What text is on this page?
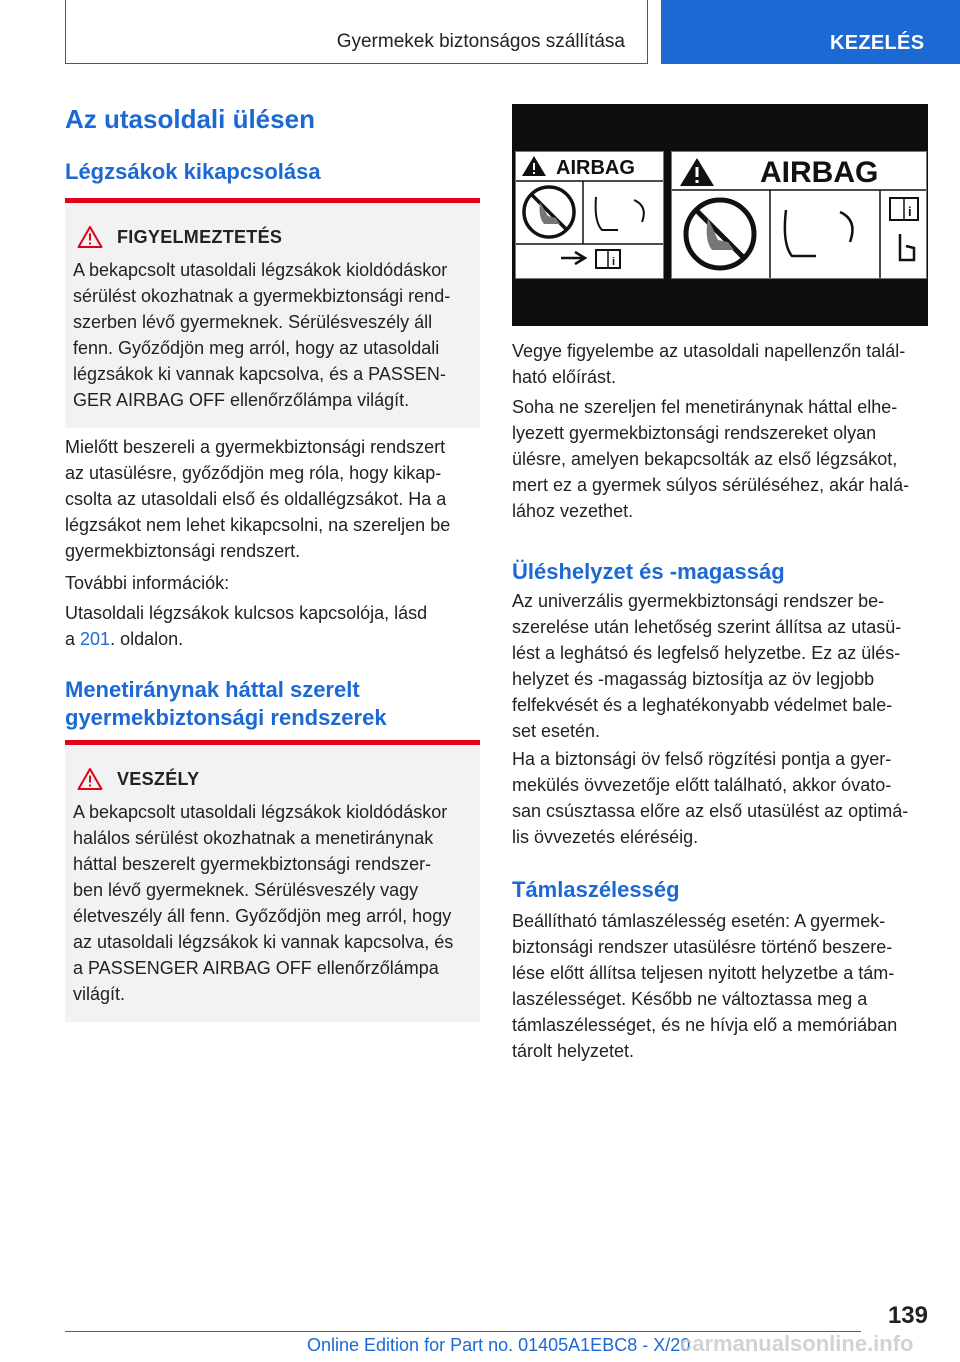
Gyermekek biztonságos szállítása	KEZELÉS
Az utasoldali ülésen
Légzsákok kikapcsolása
FIGYELMEZTETÉS

A bekapcsolt utasoldali légzsákok kioldódáskor
sérülést okozhatnak a gyermekbiztonsági rend-
szerben lévő gyermeknek. Sérülésveszély áll
fenn. Győződjön meg arról, hogy az utasoldali
légzsákok ki vannak kapcsolva, és a PASSEN-
GER AIRBAG OFF ellenőrzőlámpa világít.

Mielőtt beszereli a gyermekbiztonsági rendszert
az utasülésre, győződjön meg róla, hogy kikap-
csolta az utasoldali első és oldallégzsákot. Ha a
légzsákot nem lehet kikapcsolni, na szereljen be
gyermekbiztonsági rendszert.

További információk:

Utasoldali légzsákok kulcsos kapcsolója, lásd
a 201. oldalon.

Menetiránynak háttal szerelt
gyermekbiztonsági rendszerek
VESZÉLY

A bekapcsolt utasoldali légzsákok kioldódáskor
halálos sérülést okozhatnak a menetiránynak
háttal beszerelt gyermekbiztonsági rendszer-
ben lévő gyermeknek. Sérülésveszély vagy
életveszély áll fenn. Győződjön meg arról, hogy
az utasoldali légzsákok ki vannak kapcsolva, és
a PASSENGER AIRBAG OFF ellenőrzőlámpa
világít.

AIRBAG
i
AIRBAG
i

Vegye figyelembe az utasoldali napellenzőn talál-
ható előírást.

Soha ne szereljen fel menetiránynak háttal elhe-
lyezett gyermekbiztonsági rendszereket olyan
ülésre, amelyen bekapcsolták az első légzsákot,
mert ez a gyermek súlyos sérüléséhez, akár halá-
lához vezethet.

Üléshelyzet és -magasság

Az univerzális gyermekbiztonsági rendszer be-
szerelése után lehetőség szerint állítsa az utasü-
lést a leghátsó és legfelső helyzetbe. Ez az ülés-
helyzet és -magasság biztosítja az öv legjobb
felfekvését és a leghatékonyabb védelmet bale-
set esetén.

Ha a biztonsági öv felső rögzítési pontja a gyer-
mekülés övvezetője előtt található, akkor óvato-
san csúsztassa előre az első utasülést az optimá-
lis övvezetés eléréséig.

Támlaszélesség

Beállítható támlaszélesség esetén: A gyermek-
biztonsági rendszer utasülésre történő beszere-
lése előtt állítsa teljesen nyitott helyzetbe a tám-
laszélességet. Később ne változtassa meg a
támlaszélességet, és ne hívja elő a memóriában
tárolt helyzetet.

139
Online Edition for Part no. 01405A1EBC8 - X/20
carmanualsonline.info
